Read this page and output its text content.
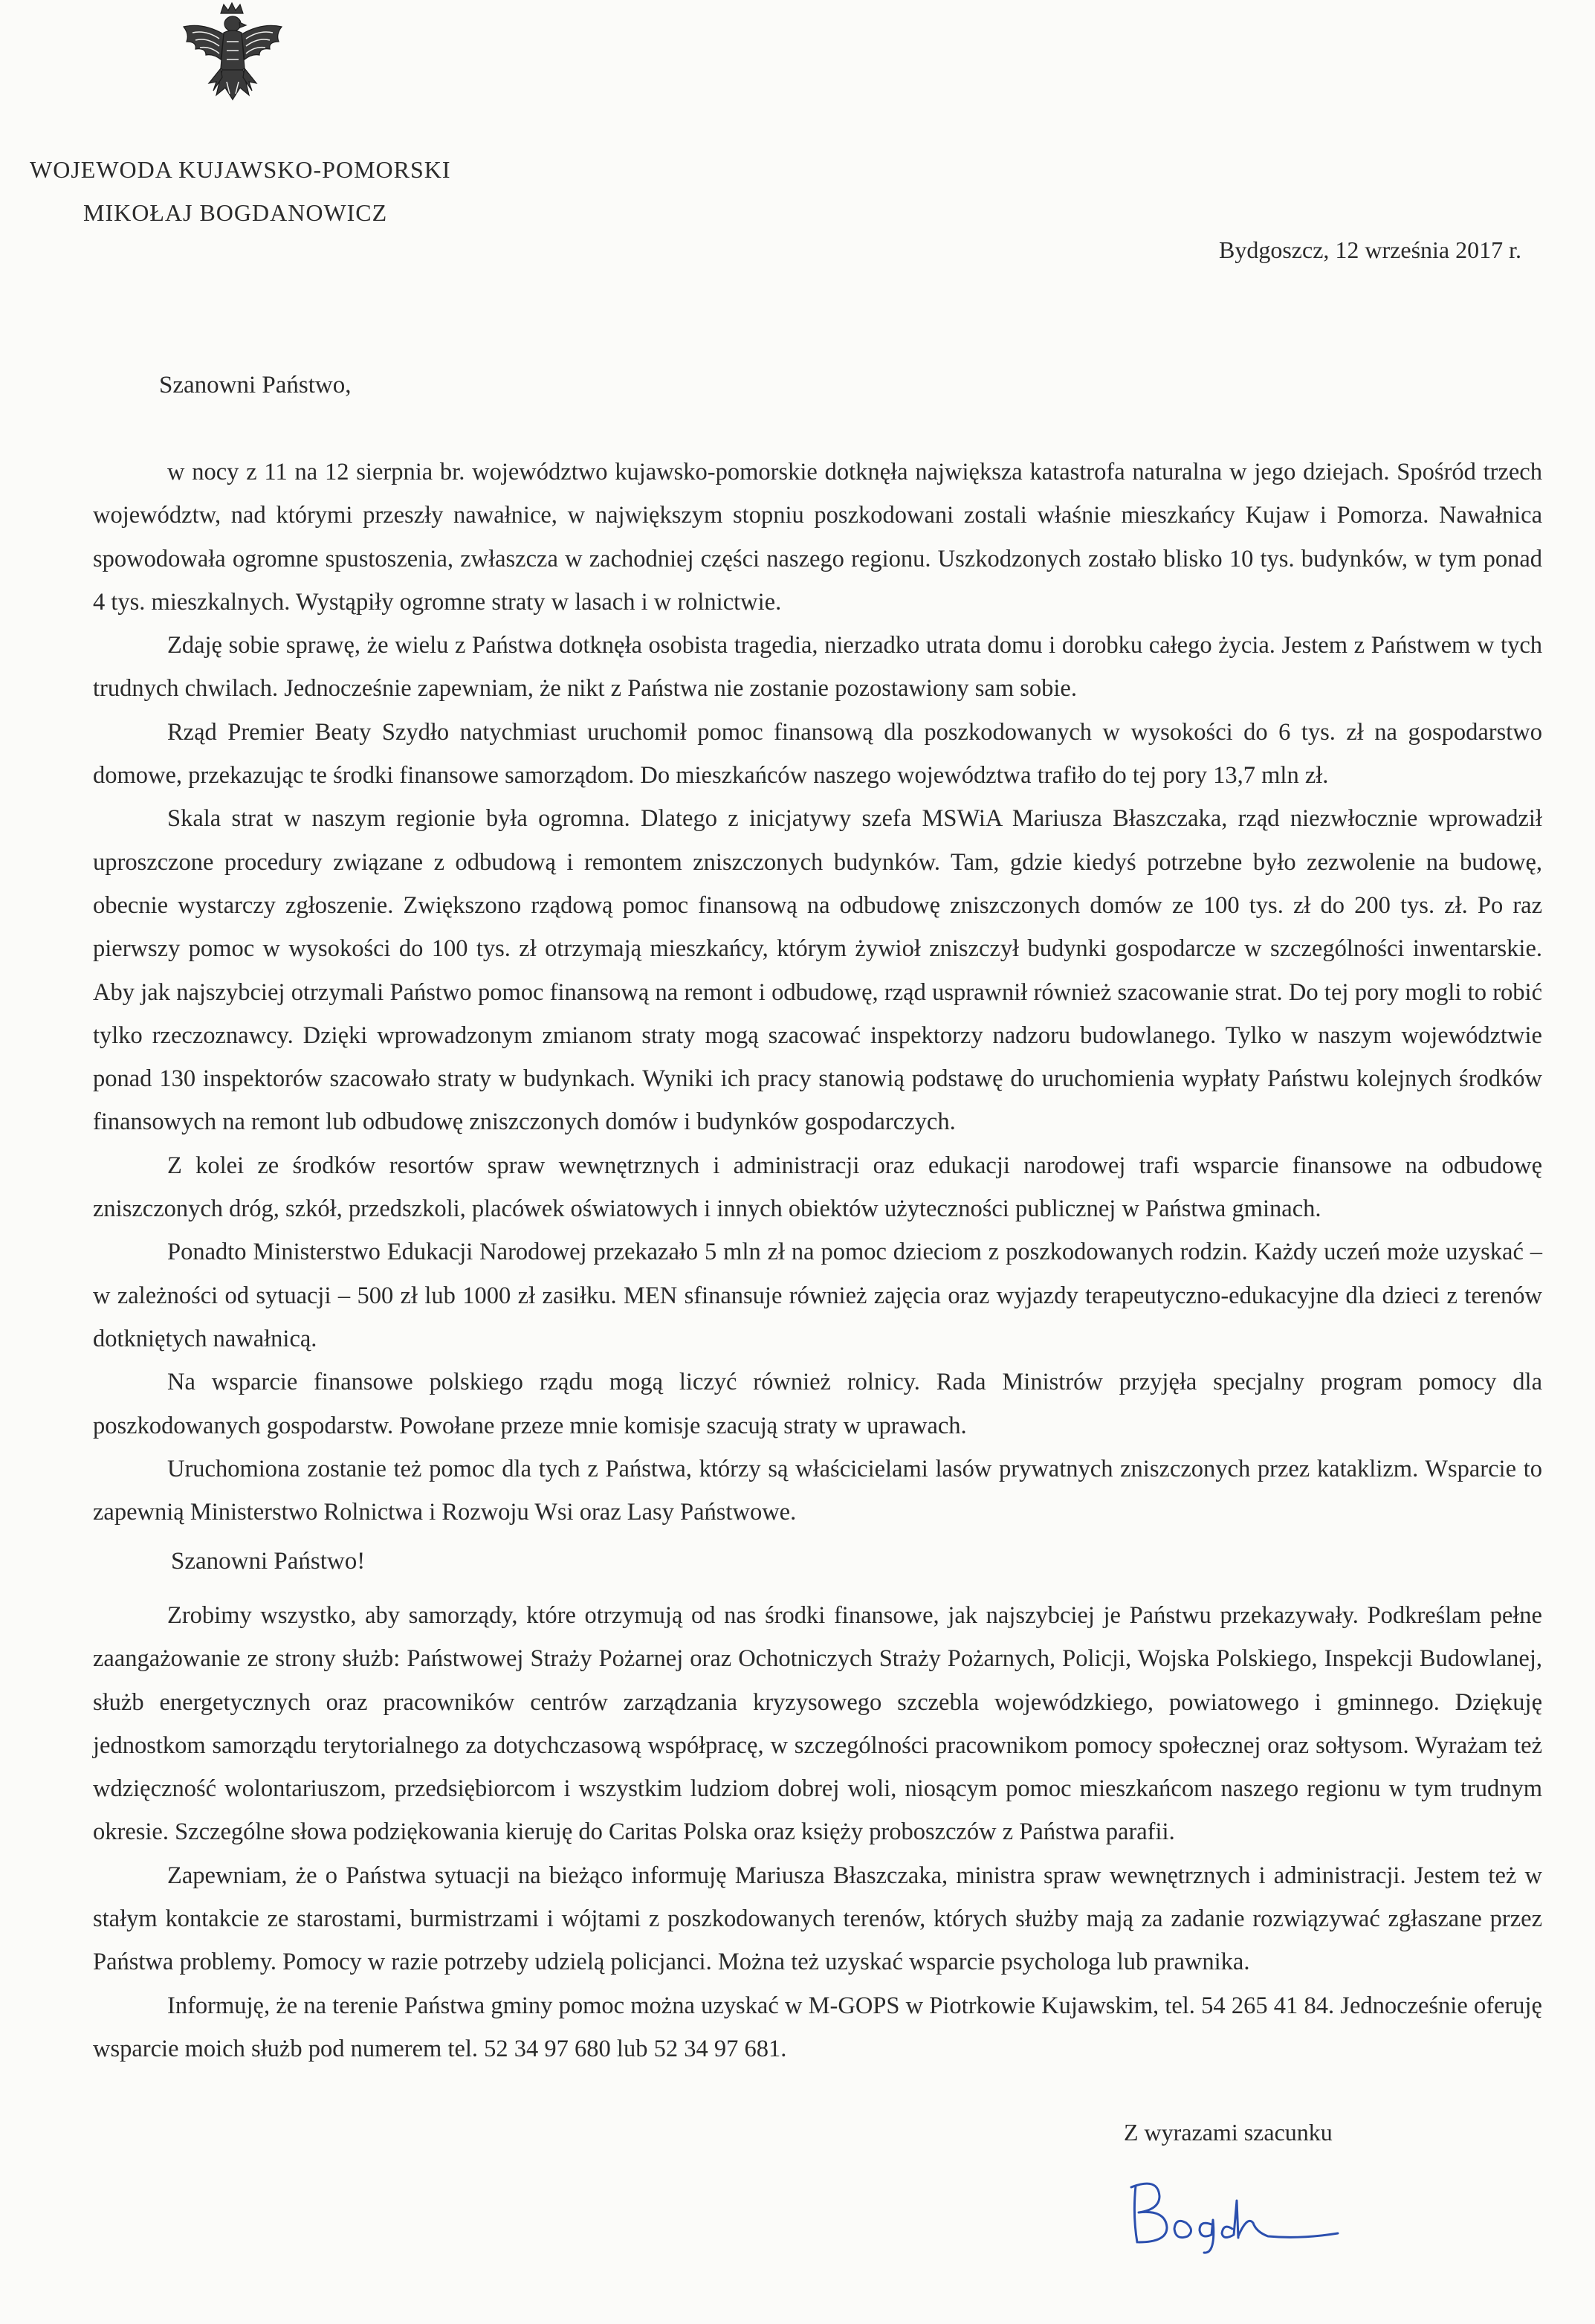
WOJEWODA KUJAWSKO-POMORSKI
MIKOŁAJ BOGDANOWICZ
Bydgoszcz, 12 września 2017 r.
Szanowni Państwo,

w nocy z 11 na 12 sierpnia br. województwo kujawsko-pomorskie dotknęła największa katastrofa naturalna w jego dziejach. Spośród trzech województw, nad którymi przeszły nawałnice, w największym stopniu poszkodowani zostali właśnie mieszkańcy Kujaw i Pomorza. Nawałnica spowodowała ogromne spustoszenia, zwłaszcza w zachodniej części naszego regionu. Uszkodzonych zostało blisko 10 tys. budynków, w tym ponad 4 tys. mieszkalnych. Wystąpiły ogromne straty w lasach i w rolnictwie.

Zdaję sobie sprawę, że wielu z Państwa dotknęła osobista tragedia, nierzadko utrata domu i dorobku całego życia. Jestem z Państwem w tych trudnych chwilach. Jednocześnie zapewniam, że nikt z Państwa nie zostanie pozostawiony sam sobie.

Rząd Premier Beaty Szydło natychmiast uruchomił pomoc finansową dla poszkodowanych w wysokości do 6 tys. zł na gospodarstwo domowe, przekazując te środki finansowe samorządom. Do mieszkańców naszego województwa trafiło do tej pory 13,7 mln zł.

Skala strat w naszym regionie była ogromna. Dlatego z inicjatywy szefa MSWiA Mariusza Błaszczaka, rząd niezwłocznie wprowadził uproszczone procedury związane z odbudową i remontem zniszczonych budynków. Tam, gdzie kiedyś potrzebne było zezwolenie na budowę, obecnie wystarczy zgłoszenie. Zwiększono rządową pomoc finansową na odbudowę zniszczonych domów ze 100 tys. zł do 200 tys. zł. Po raz pierwszy pomoc w wysokości do 100 tys. zł otrzymają mieszkańcy, którym żywioł zniszczył budynki gospodarcze w szczególności inwentarskie. Aby jak najszybciej otrzymali Państwo pomoc finansową na remont i odbudowę, rząd usprawnił również szacowanie strat. Do tej pory mogli to robić tylko rzeczoznawcy. Dzięki wprowadzonym zmianom straty mogą szacować inspektorzy nadzoru budowlanego. Tylko w naszym województwie ponad 130 inspektorów szacowało straty w budynkach. Wyniki ich pracy stanowią podstawę do uruchomienia wypłaty Państwu kolejnych środków finansowych na remont lub odbudowę zniszczonych domów i budynków gospodarczych.

Z kolei ze środków resortów spraw wewnętrznych i administracji oraz edukacji narodowej trafi wsparcie finansowe na odbudowę zniszczonych dróg, szkół, przedszkoli, placówek oświatowych i innych obiektów użyteczności publicznej w Państwa gminach.

Ponadto Ministerstwo Edukacji Narodowej przekazało 5 mln zł na pomoc dzieciom z poszkodowanych rodzin. Każdy uczeń może uzyskać – w zależności od sytuacji – 500 zł lub 1000 zł zasiłku. MEN sfinansuje również zajęcia oraz wyjazdy terapeutyczno-edukacyjne dla dzieci z terenów dotkniętych nawałnicą.

Na wsparcie finansowe polskiego rządu mogą liczyć również rolnicy. Rada Ministrów przyjęła specjalny program pomocy dla poszkodowanych gospodarstw. Powołane przeze mnie komisje szacują straty w uprawach.

Uruchomiona zostanie też pomoc dla tych z Państwa, którzy są właścicielami lasów prywatnych zniszczonych przez kataklizm. Wsparcie to zapewnią Ministerstwo Rolnictwa i Rozwoju Wsi oraz Lasy Państwowe.

Szanowni Państwo!

Zrobimy wszystko, aby samorządy, które otrzymują od nas środki finansowe, jak najszybciej je Państwu przekazywały. Podkreślam pełne zaangażowanie ze strony służb: Państwowej Straży Pożarnej oraz Ochotniczych Straży Pożarnych, Policji, Wojska Polskiego, Inspekcji Budowlanej, służb energetycznych oraz pracowników centrów zarządzania kryzysowego szczebla wojewódzkiego, powiatowego i gminnego. Dziękuję jednostkom samorządu terytorialnego za dotychczasową współpracę, w szczególności pracownikom pomocy społecznej oraz sołtysom. Wyrażam też wdzięczność wolontariuszom, przedsiębiorcom i wszystkim ludziom dobrej woli, niosącym pomoc mieszkańcom naszego regionu w tym trudnym okresie. Szczególne słowa podziękowania kieruję do Caritas Polska oraz księży proboszczów z Państwa parafii.

Zapewniam, że o Państwa sytuacji na bieżąco informuję Mariusza Błaszczaka, ministra spraw wewnętrznych i administracji. Jestem też w stałym kontakcie ze starostami, burmistrzami i wójtami z poszkodowanych terenów, których służby mają za zadanie rozwiązywać zgłaszane przez Państwa problemy. Pomocy w razie potrzeby udzielą policjanci. Można też uzyskać wsparcie psychologa lub prawnika.

Informuję, że na terenie Państwa gminy pomoc można uzyskać w M-GOPS w Piotrkowie Kujawskim, tel. 54 265 41 84. Jednocześnie oferuję wsparcie moich służb pod numerem tel. 52 34 97 680 lub 52 34 97 681.

Z wyrazami szacunku
